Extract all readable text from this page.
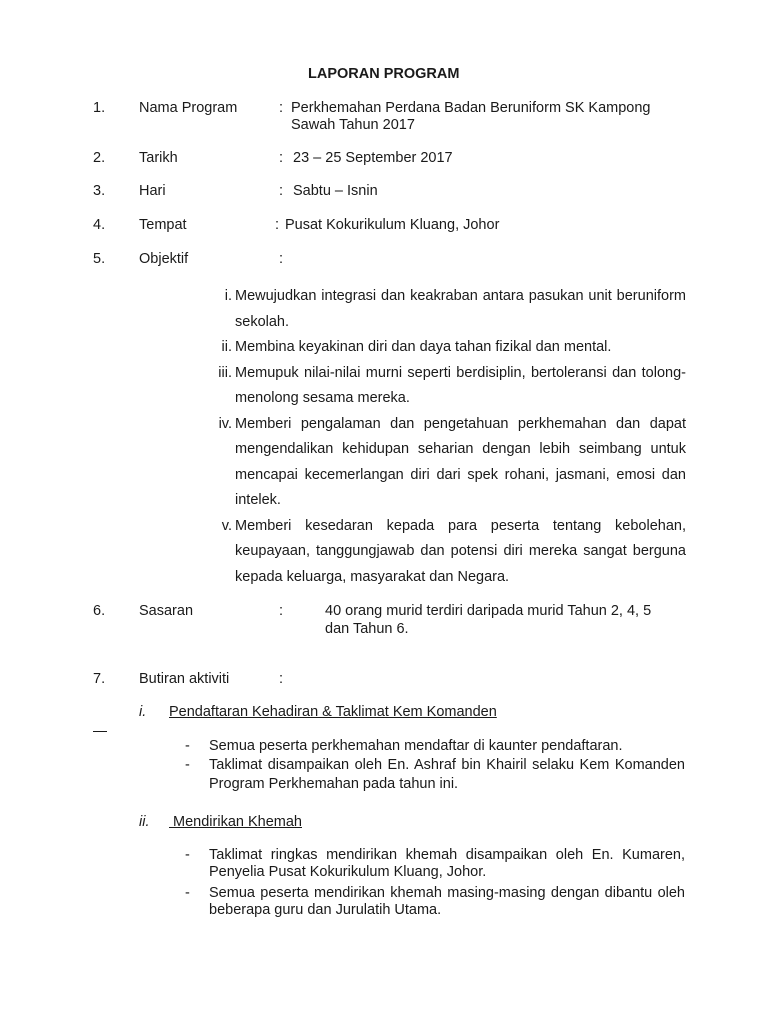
LAPORAN PROGRAM
1. Nama Program	: Perkhemahan Perdana Badan Beruniform SK Kampong
Sawah Tahun 2017
2. Tarikh	: 23 – 25 September 2017
3. Hari	: Sabtu – Isnin
4. Tempat	: Pusat Kokurikulum Kluang, Johor
5. Objektif	:
i. Mewujudkan integrasi dan keakraban antara pasukan unit beruniform sekolah.
ii. Membina keyakinan diri dan daya tahan fizikal dan mental.
iii. Memupuk nilai-nilai murni seperti berdisiplin, bertoleransi dan tolong-menolong sesama mereka.
iv. Memberi pengalaman dan pengetahuan perkhemahan dan dapat mengendalikan kehidupan seharian dengan lebih seimbang untuk mencapai kecemerlangan diri dari spek rohani, jasmani, emosi dan intelek.
v. Memberi kesedaran kepada para peserta tentang kebolehan, keupayaan, tanggungjawab dan potensi diri mereka sangat berguna kepada keluarga, masyarakat dan Negara.
6. Sasaran	:	40 orang murid terdiri daripada murid Tahun 2, 4, 5
dan Tahun 6.
7. Butiran aktiviti	:
i. Pendaftaran Kehadiran & Taklimat Kem Komanden
-	Semua peserta perkhemahan mendaftar di kaunter pendaftaran.
-	Taklimat disampaikan oleh En. Ashraf bin Khairil selaku Kem Komanden Program Perkhemahan pada tahun ini.
ii. Mendirikan Khemah
-	Taklimat ringkas mendirikan khemah disampaikan oleh En. Kumaren, Penyelia Pusat Kokurikulum Kluang, Johor.
-	Semua peserta mendirikan khemah masing-masing dengan dibantu oleh beberapa guru dan Jurulatih Utama.
